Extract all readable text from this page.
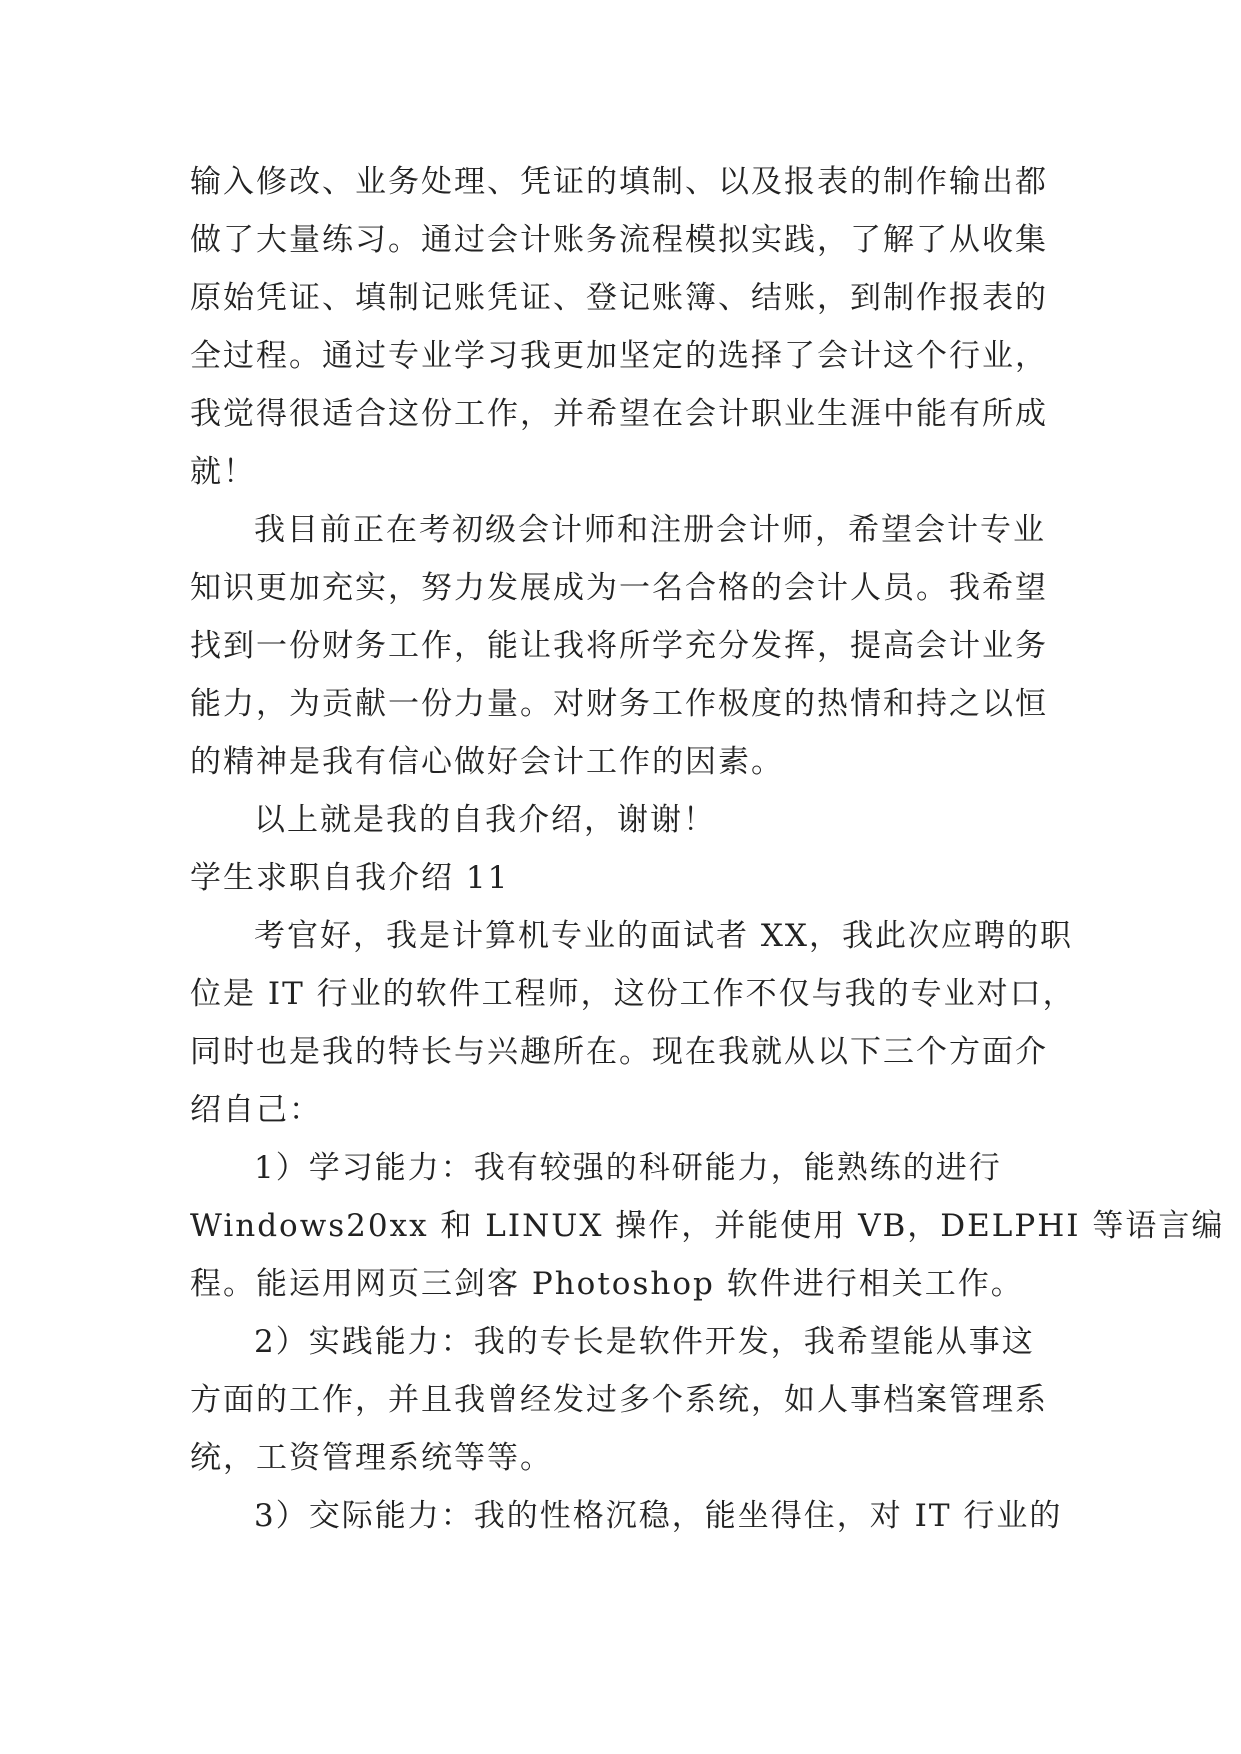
输入修改、业务处理、凭证的填制、以及报表的制作输出都
做了大量练习。通过会计账务流程模拟实践，了解了从收集
原始凭证、填制记账凭证、登记账簿、结账，到制作报表的
全过程。通过专业学习我更加坚定的选择了会计这个行业，
我觉得很适合这份工作，并希望在会计职业生涯中能有所成
就！
我目前正在考初级会计师和注册会计师，希望会计专业
知识更加充实，努力发展成为一名合格的会计人员。我希望
找到一份财务工作，能让我将所学充分发挥，提高会计业务
能力，为贡献一份力量。对财务工作极度的热情和持之以恒
的精神是我有信心做好会计工作的因素。
以上就是我的自我介绍，谢谢！
学生求职自我介绍 11
考官好，我是计算机专业的面试者 XX，我此次应聘的职
位是 IT 行业的软件工程师，这份工作不仅与我的专业对口，
同时也是我的特长与兴趣所在。现在我就从以下三个方面介
绍自己：
1）学习能力：我有较强的科研能力，能熟练的进行
Windows20xx 和 LINUX 操作，并能使用 VB，DELPHI 等语言编
程。能运用网页三剑客 Photoshop 软件进行相关工作。
2）实践能力：我的专长是软件开发，我希望能从事这
方面的工作，并且我曾经发过多个系统，如人事档案管理系
统，工资管理系统等等。
3）交际能力：我的性格沉稳，能坐得住，对 IT 行业的
